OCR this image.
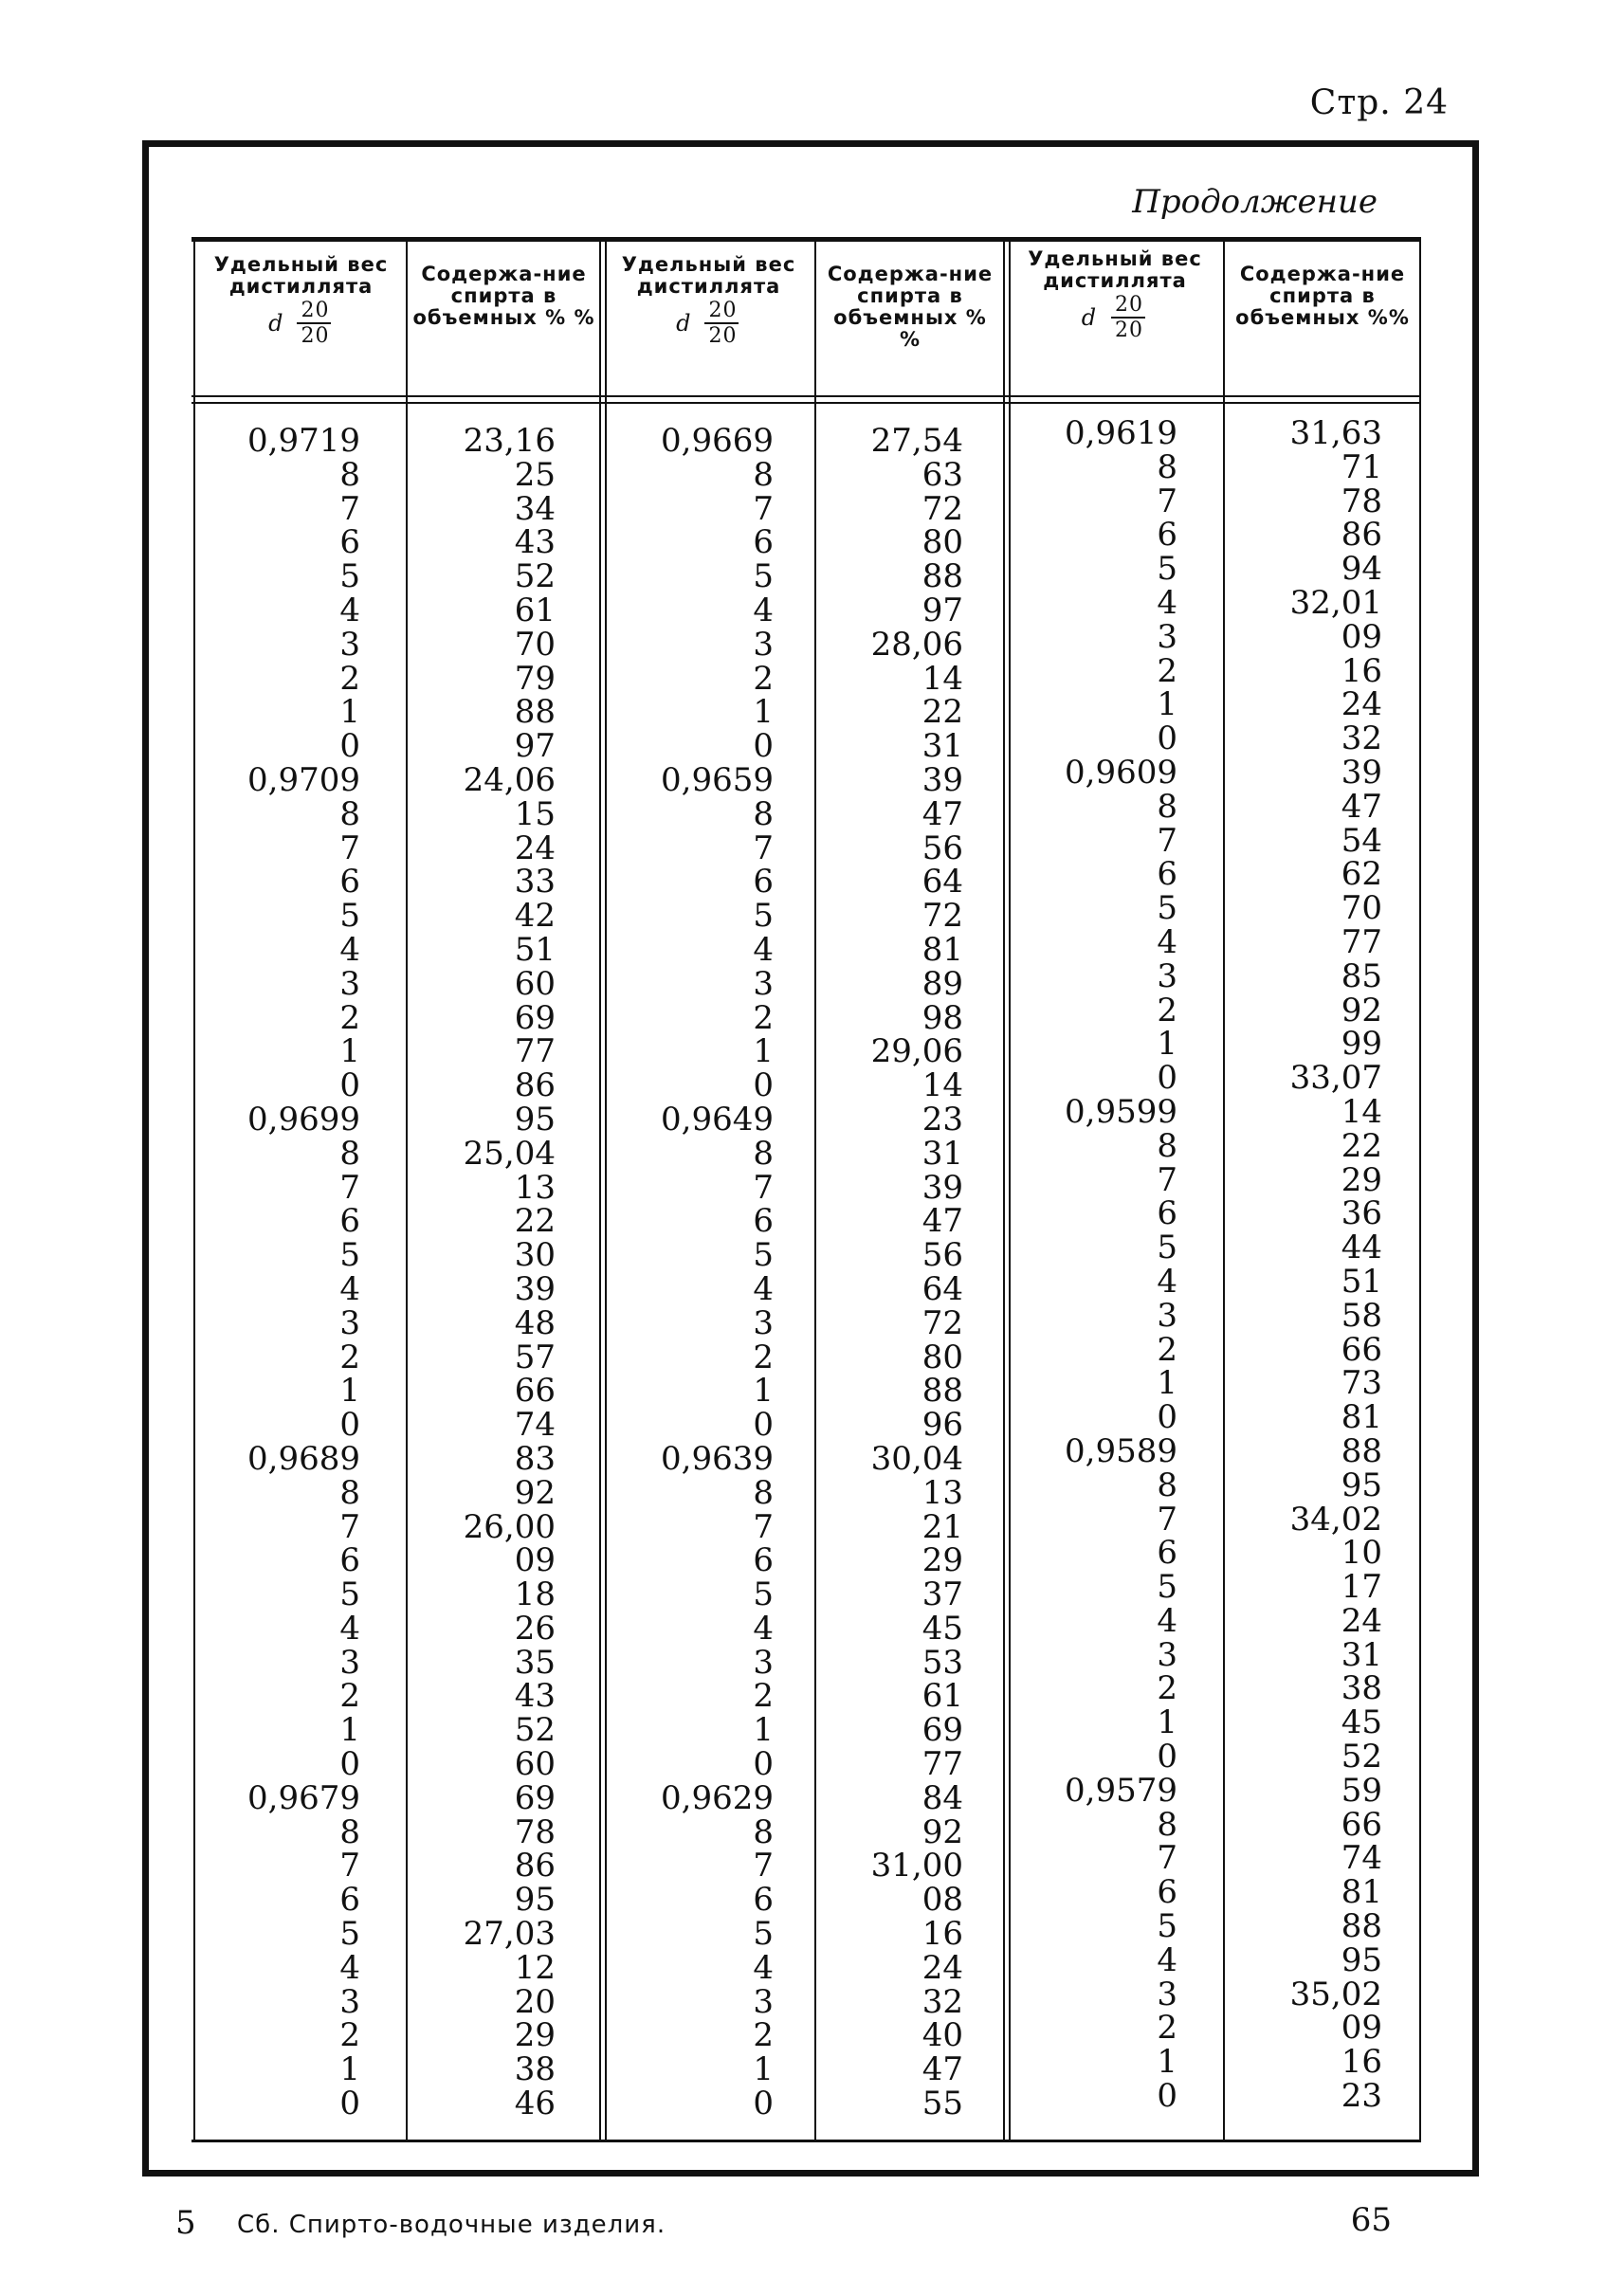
Стр. 24
Продолжение
Удельный вес дистиллята
d 20
20
Содержа-ние спирта в объемных % %
Удельный вес дистиллята
d 20
20
Содержа-ние спирта в объемных % %
Удельный вес дистиллята
d 20
20
Содержа-ние спирта в объемных %%
0,9719
8
7
6
5
4
3
2
1
0
0,9709
8
7
6
5
4
3
2
1
0
0,9699
8
7
6
5
4
3
2
1
0
0,9689
8
7
6
5
4
3
2
1
0
0,9679
8
7
6
5
4
3
2
1
0
23,16
25
34
43
52
61
70
79
88
97
24,06
15
24
33
42
51
60
69
77
86
95
25,04
13
22
30
39
48
57
66
74
83
92
26,00
09
18
26
35
43
52
60
69
78
86
95
27,03
12
20
29
38
46
0,9669
8
7
6
5
4
3
2
1
0
0,9659
8
7
6
5
4
3
2
1
0
0,9649
8
7
6
5
4
3
2
1
0
0,9639
8
7
6
5
4
3
2
1
0
0,9629
8
7
6
5
4
3
2
1
0
27,54
63
72
80
88
97
28,06
14
22
31
39
47
56
64
72
81
89
98
29,06
14
23
31
39
47
56
64
72
80
88
96
30,04
13
21
29
37
45
53
61
69
77
84
92
31,00
08
16
24
32
40
47
55
0,9619
8
7
6
5
4
3
2
1
0
0,9609
8
7
6
5
4
3
2
1
0
0,9599
8
7
6
5
4
3
2
1
0
0,9589
8
7
6
5
4
3
2
1
0
0,9579
8
7
6
5
4
3
2
1
0
31,63
71
78
86
94
32,01
09
16
24
32
39
47
54
62
70
77
85
92
99
33,07
14
22
29
36
44
51
58
66
73
81
88
95
34,02
10
17
24
31
38
45
52
59
66
74
81
88
95
35,02
09
16
23
5 Сб. Спирто-водочные изделия.	65
